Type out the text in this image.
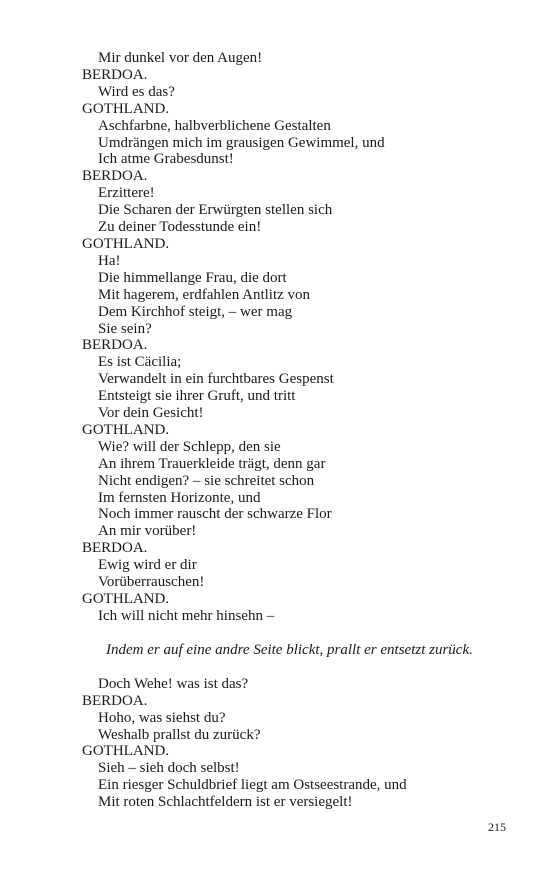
Mir dunkel vor den Augen!
BERDOA.
Wird es das?
GOTHLAND.
Aschfarbne, halbverblichene Gestalten
Umdrängen mich im grausigen Gewimmel, und
Ich atme Grabesdunst!
BERDOA.
Erzittere!
Die Scharen der Erwürgten stellen sich
Zu deiner Todesstunde ein!
GOTHLAND.
Ha!
Die himmellange Frau, die dort
Mit hagerem, erdfahlen Antlitz von
Dem Kirchhof steigt, – wer mag
Sie sein?
BERDOA.
Es ist Cäcilia;
Verwandelt in ein furchtbares Gespenst
Entsteigt sie ihrer Gruft, und tritt
Vor dein Gesicht!
GOTHLAND.
Wie? will der Schlepp, den sie
An ihrem Trauerkleide trägt, denn gar
Nicht endigen? – sie schreitet schon
Im fernsten Horizonte, und
Noch immer rauscht der schwarze Flor
An mir vorüber!
BERDOA.
Ewig wird er dir
Vorüberrauschen!
GOTHLAND.
Ich will nicht mehr hinsehn –
Indem er auf eine andre Seite blickt, prallt er entsetzt zurück.
Doch Wehe! was ist das?
BERDOA.
Hoho, was siehst du?
Weshalb prallst du zurück?
GOTHLAND.
Sieh – sieh doch selbst!
Ein riesger Schuldbrief liegt am Ostseestrande, und
Mit roten Schlachtfeldern ist er versiegelt!
215
